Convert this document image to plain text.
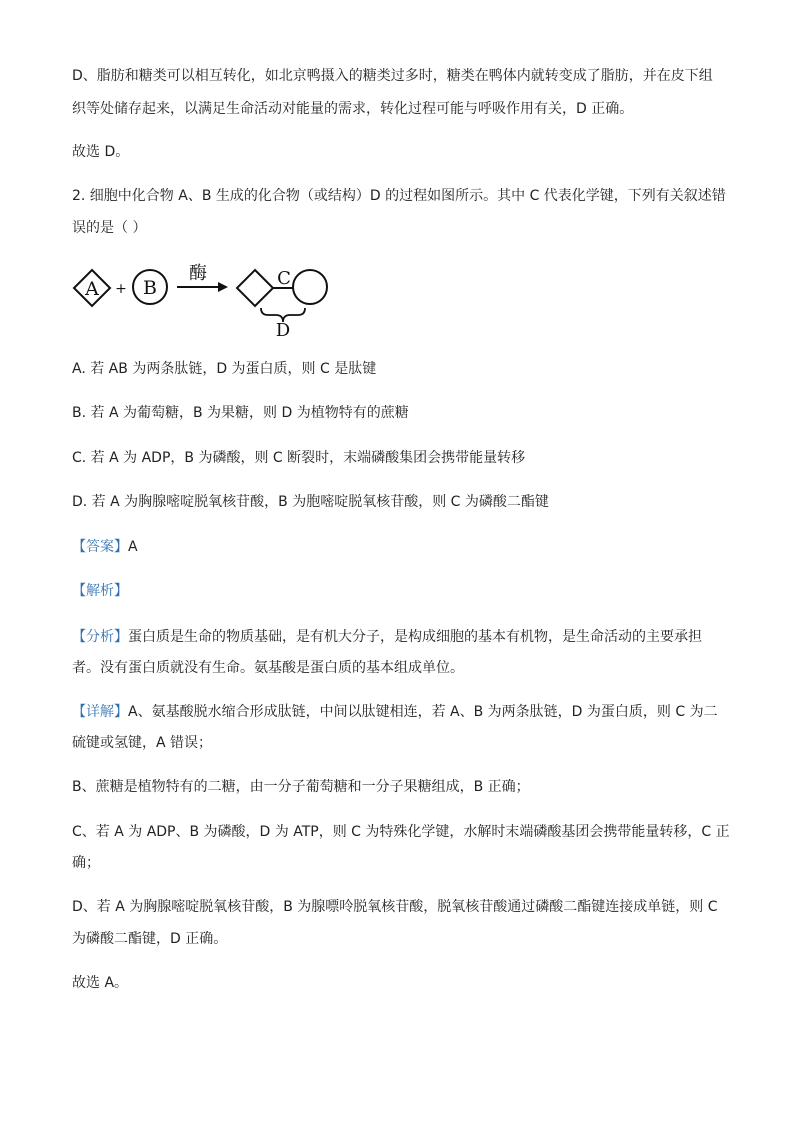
D、脂肪和糖类可以相互转化，如北京鸭摄入的糖类过多时，糖类在鸭体内就转变成了脂肪，并在皮下组
织等处储存起来，以满足生命活动对能量的需求，转化过程可能与呼吸作用有关，D 正确。
故选 D。
2. 细胞中化合物 A、B 生成的化合物（或结构）D 的过程如图所示。其中 C 代表化学键，下列有关叙述错
误的是（ ）
A + B
酶	C
D
A. 若 AB 为两条肽链，D 为蛋白质，则 C 是肽键
B. 若 A 为葡萄糖，B 为果糖，则 D 为植物特有的蔗糖
C. 若 A 为 ADP，B 为磷酸，则 C 断裂时，末端磷酸集团会携带能量转移
D. 若 A 为胸腺嘧啶脱氧核苷酸，B 为胞嘧啶脱氧核苷酸，则 C 为磷酸二酯键
【答案】A
【解析】
【分析】蛋白质是生命的物质基础，是有机大分子，是构成细胞的基本有机物，是生命活动的主要承担
者。没有蛋白质就没有生命。氨基酸是蛋白质的基本组成单位。
【详解】A、氨基酸脱水缩合形成肽链，中间以肽键相连，若 A、B 为两条肽链，D 为蛋白质，则 C 为二
硫键或氢键，A 错误；
B、蔗糖是植物特有的二糖，由一分子葡萄糖和一分子果糖组成，B 正确；
C、若 A 为 ADP、B 为磷酸，D 为 ATP，则 C 为特殊化学键，水解时末端磷酸基团会携带能量转移，C 正
确；
D、若 A 为胸腺嘧啶脱氧核苷酸，B 为腺嘌呤脱氧核苷酸，脱氧核苷酸通过磷酸二酯键连接成单链，则 C
为磷酸二酯键，D 正确。
故选 A。
